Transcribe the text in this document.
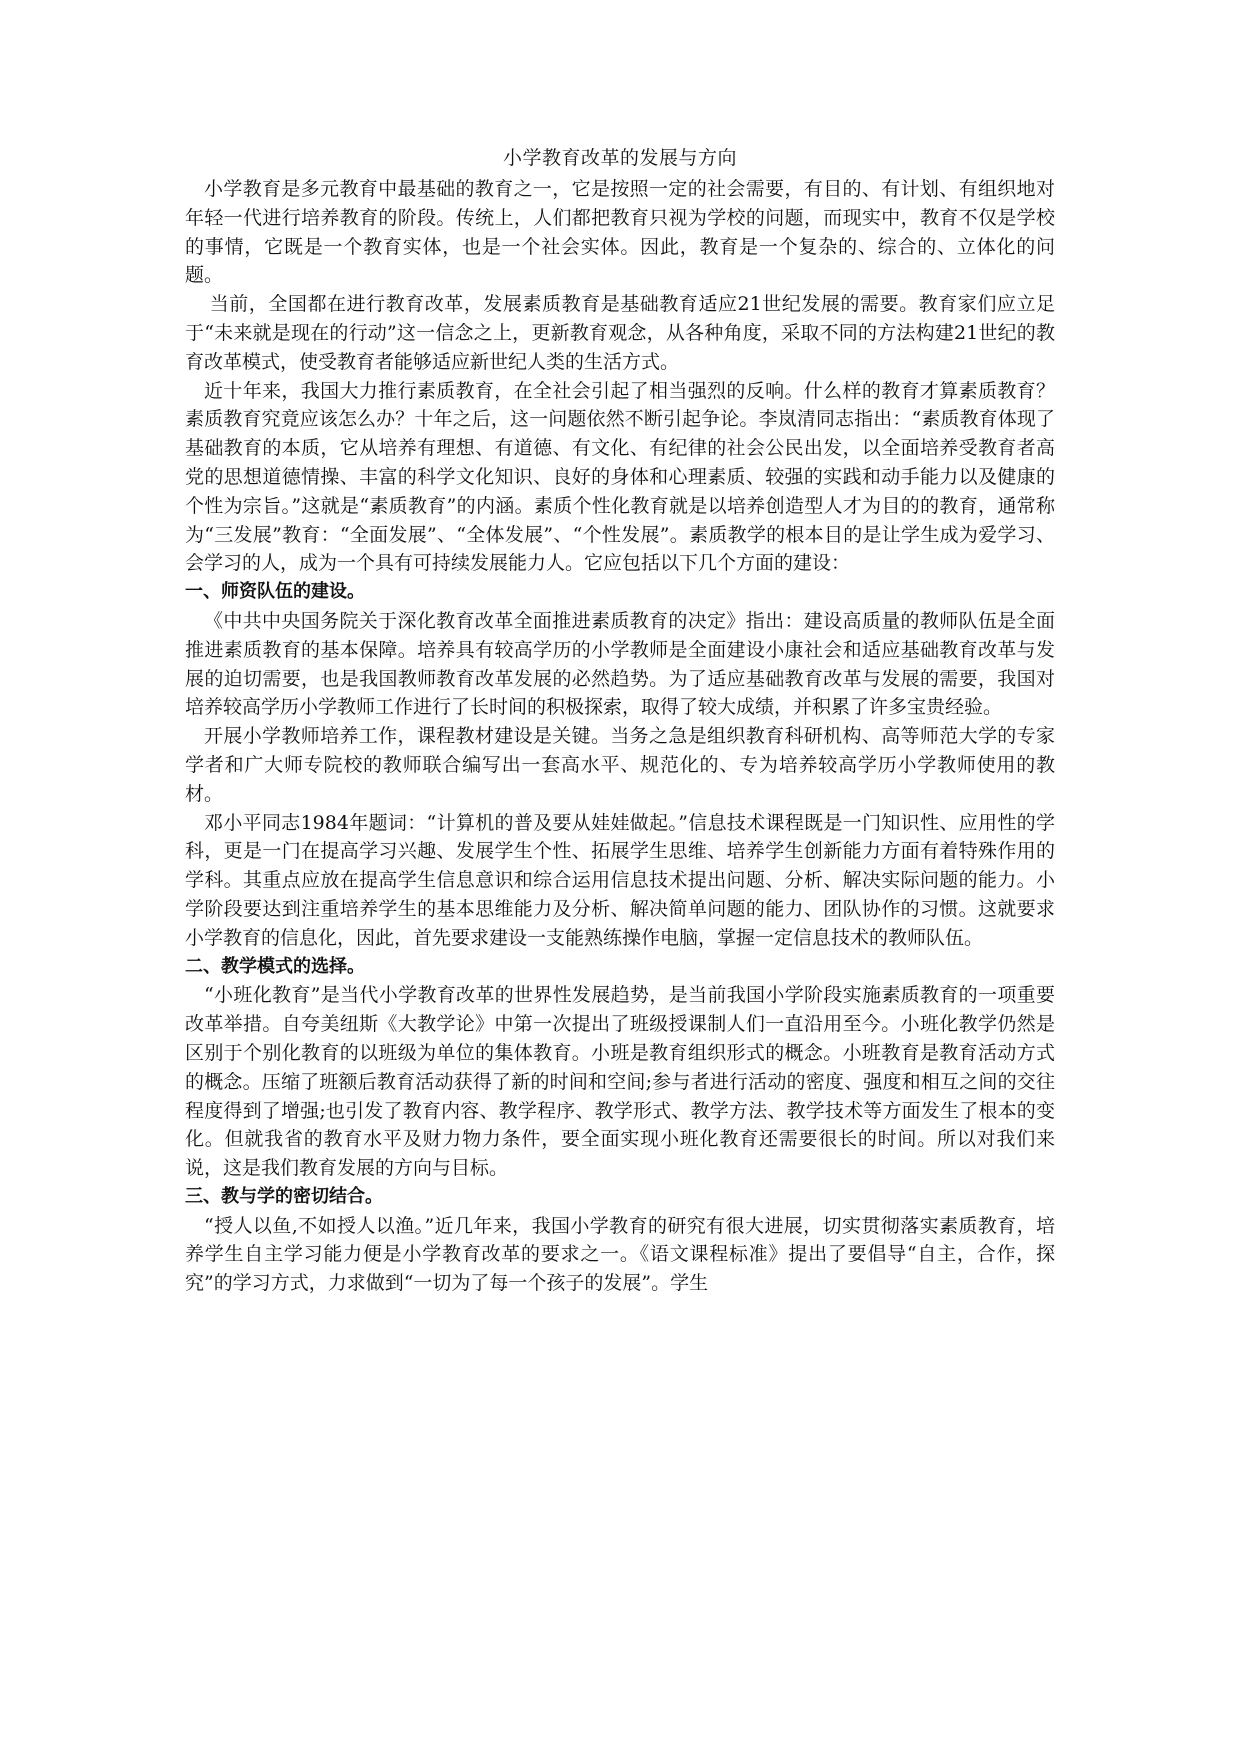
小学教育改革的发展与方向

小学教育是多元教育中最基础的教育之一，它是按照一定的社会需要，有目的、有计划、有组织地对年轻一代进行培养教育的阶段。传统上，人们都把教育只视为学校的问题，而现实中，教育不仅是学校的事情，它既是一个教育实体，也是一个社会实体。因此，教育是一个复杂的、综合的、立体化的问题。

当前，全国都在进行教育改革，发展素质教育是基础教育适应21世纪发展的需要。教育家们应立足于“未来就是现在的行动”这一信念之上，更新教育观念，从各种角度，采取不同的方法构建21世纪的教育改革模式，使受教育者能够适应新世纪人类的生活方式。

近十年来，我国大力推行素质教育，在全社会引起了相当强烈的反响。什么样的教育才算素质教育？素质教育究竟应该怎么办？十年之后，这一问题依然不断引起争论。李岚清同志指出：“素质教育体现了基础教育的本质，它从培养有理想、有道德、有文化、有纪律的社会公民出发，以全面培养受教育者高党的思想道德情操、丰富的科学文化知识、良好的身体和心理素质、较强的实践和动手能力以及健康的个性为宗旨。”这就是“素质教育”的内涵。素质个性化教育就是以培养创造型人才为目的的教育，通常称为“三发展”教育：“全面发展”、“全体发展”、“个性发展”。素质教学的根本目的是让学生成为爱学习、会学习的人，成为一个具有可持续发展能力人。它应包括以下几个方面的建设：

一、师资队伍的建设。

《中共中央国务院关于深化教育改革全面推进素质教育的决定》指出：建设高质量的教师队伍是全面推进素质教育的基本保障。培养具有较高学历的小学教师是全面建设小康社会和适应基础教育改革与发展的迫切需要，也是我国教师教育改革发展的必然趋势。为了适应基础教育改革与发展的需要，我国对培养较高学历小学教师工作进行了长时间的积极探索，取得了较大成绩，并积累了许多宝贵经验。

开展小学教师培养工作，课程教材建设是关键。当务之急是组织教育科研机构、高等师范大学的专家学者和广大师专院校的教师联合编写出一套高水平、规范化的、专为培养较高学历小学教师使用的教材。

邓小平同志1984年题词：“计算机的普及要从娃娃做起。”信息技术课程既是一门知识性、应用性的学科，更是一门在提高学习兴趣、发展学生个性、拓展学生思维、培养学生创新能力方面有着特殊作用的学科。其重点应放在提高学生信息意识和综合运用信息技术提出问题、分析、解决实际问题的能力。小学阶段要达到注重培养学生的基本思维能力及分析、解决简单问题的能力、团队协作的习惯。这就要求小学教育的信息化，因此，首先要求建设一支能熟练操作电脑，掌握一定信息技术的教师队伍。

二、教学模式的选择。

“小班化教育”是当代小学教育改革的世界性发展趋势，是当前我国小学阶段实施素质教育的一项重要改革举措。自夸美纽斯《大教学论》中第一次提出了班级授课制人们一直沿用至今。小班化教学仍然是区别于个别化教育的以班级为单位的集体教育。小班是教育组织形式的概念。小班教育是教育活动方式的概念。压缩了班额后教育活动获得了新的时间和空间;参与者进行活动的密度、强度和相互之间的交往程度得到了增强;也引发了教育内容、教学程序、教学形式、教学方法、教学技术等方面发生了根本的变化。但就我省的教育水平及财力物力条件，要全面实现小班化教育还需要很长的时间。所以对我们来说，这是我们教育发展的方向与目标。

三、教与学的密切结合。

“授人以鱼,不如授人以渔。”近几年来，我国小学教育的研究有很大进展，切实贯彻落实素质教育，培养学生自主学习能力便是小学教育改革的要求之一。《语文课程标准》提出了要倡导“自主，合作，探究”的学习方式，力求做到“一切为了每一个孩子的发展”。学生
